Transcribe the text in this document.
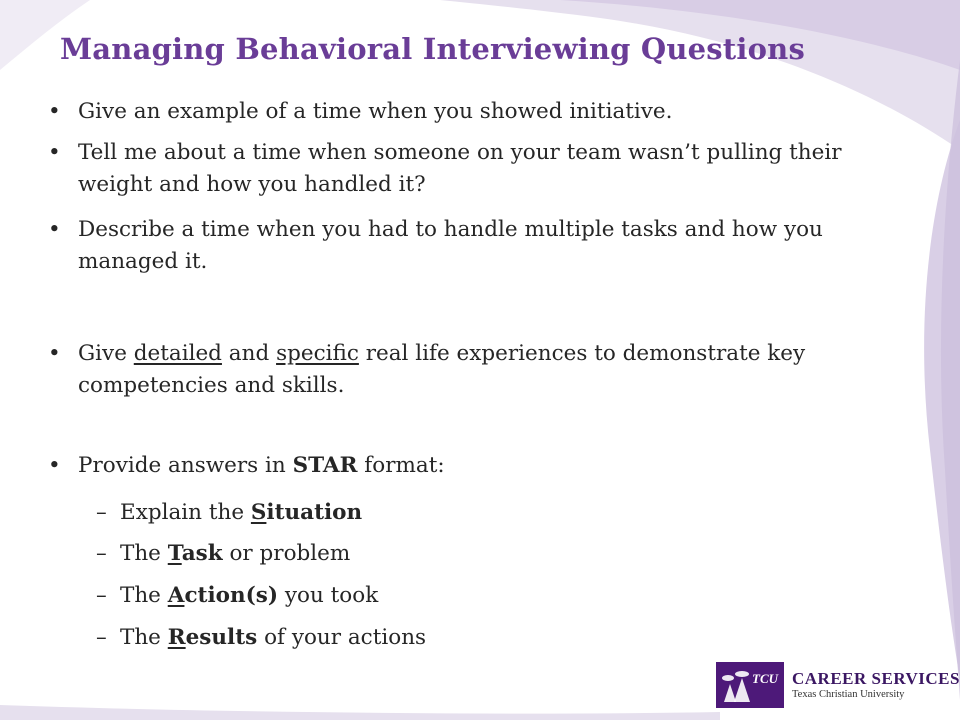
Managing Behavioral Interviewing Questions
• Give an example of a time when you showed initiative.
• Tell me about a time when someone on your team wasn’t pulling their weight and how you handled it?
• Describe a time when you had to handle multiple tasks and how you managed it.
• Give detailed and specific real life experiences to demonstrate key competencies and skills.
• Provide answers in STAR format:
– Explain the Situation
– The Task or problem
– The Action(s) you took
– The Results of your actions
TCU CAREER SERVICES
Texas Christian University
